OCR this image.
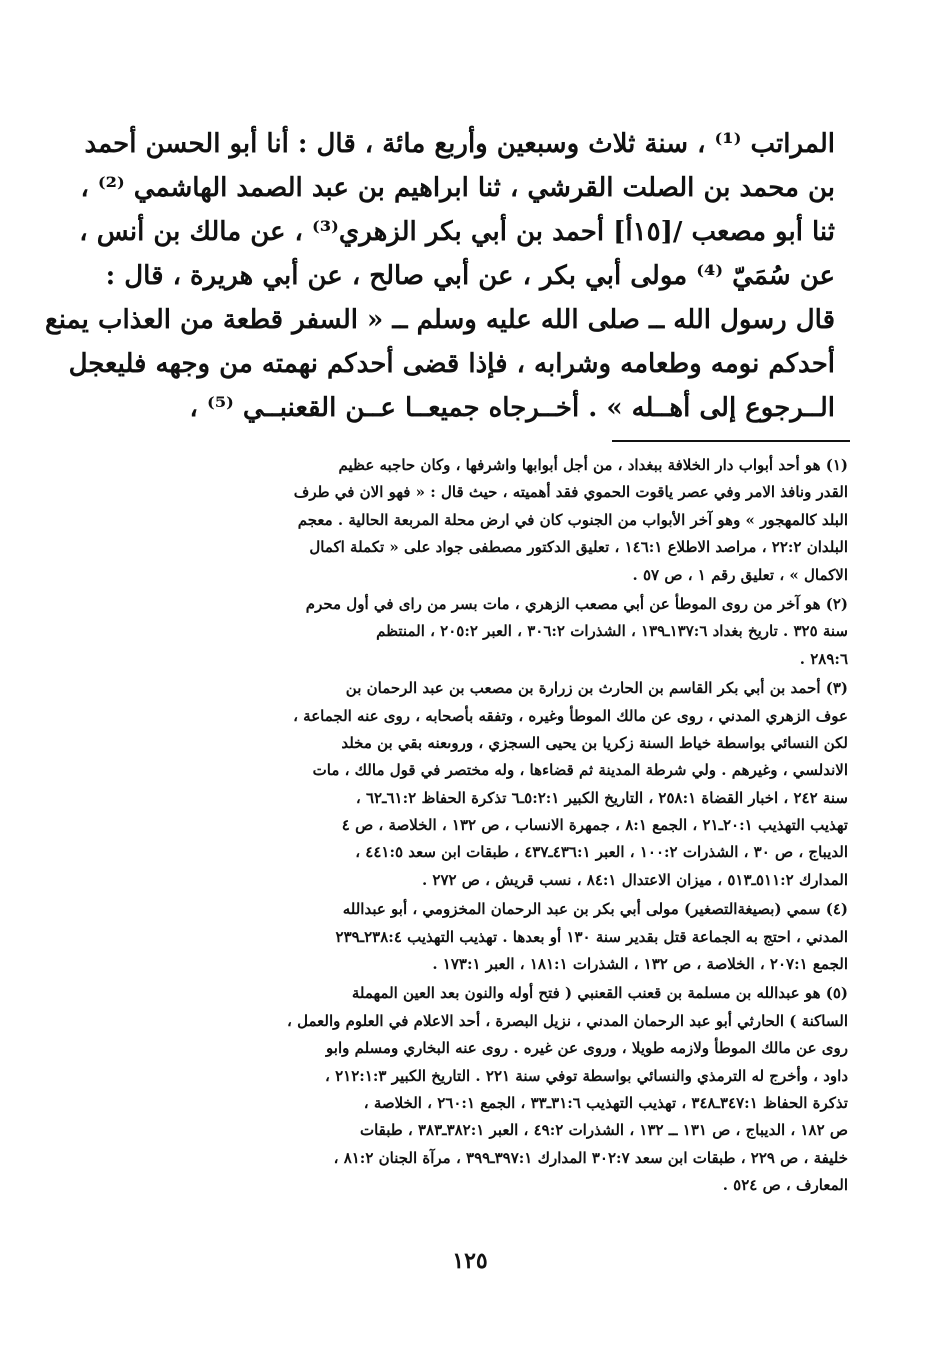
المراتب ⁽¹⁾ ، سنة ثلاث وسبعين وأربع مائة ، قال : أنا أبو الحسن أحمد
بن محمد بن الصلت القرشي ، ثنا ابراهيم بن عبد الصمد الهاشمي ⁽²⁾ ،
ثنا أبو مصعب /[١٥أ] أحمد بن أبي بكر الزهري⁽³⁾ ، عن مالك بن أنس ،
عن سُمَيّ ⁽⁴⁾ مولى أبي بكر ، عن أبي صالح ، عن أبي هريرة ، قال :
قال رسول الله ــ صلى الله عليه وسلم ــ « السفر قطعة من العذاب يمنع
أحدكم نومه وطعامه وشرابه ، فإذا قضى أحدكم نهمته من وجهه فليعجل
الــرجوع إلى أهــله » . أخــرجاه جميعــا عــن القعنبــي ⁽⁵⁾ ،
(١) هو أحد أبواب دار الخلافة ببغداد ، من أجل أبوابها واشرفها ، وكان حاجبه عظيم
القدر ونافذ الامر وفي عصر ياقوت الحموي فقد أهميته ، حيث قال : « فهو الان في طرف
البلد كالمهجور » وهو آخر الأبواب من الجنوب كان في ارض محلة المربعة الحالية . معجم
البلدان ٢٢:٢ ، مراصد الاطلاع ١٤٦:١ ، تعليق الدكتور مصطفى جواد على « تكملة اكمال
الاكمال » ، تعليق رقم ١ ، ص ٥٧ .
(٢) هو آخر من روى الموطأ عن أبي مصعب الزهري ، مات بسر من راى في أول محرم
سنة ٣٢٥ . تاريخ بغداد ١٣٧:٦ـ١٣٩ ، الشذرات ٣٠٦:٢ ، العبر ٢٠٥:٢ ، المنتظم
٢٨٩:٦ .
(٣) أحمد بن أبي بكر القاسم بن الحارث بن زرارة بن مصعب بن عبد الرحمان بن
عوف الزهري المدني ، روى عن مالك الموطأ وغيره ، وتفقه بأصحابه ، روى عنه الجماعة ،
لكن النسائي بواسطة خياط السنة زكريا بن يحيى السجزي ، وروىعنه بقي بن مخلد
الاندلسي ، وغيرهم . ولي شرطة المدينة ثم قضاءها ، وله مختصر في قول مالك ، مات
سنة ٢٤٢ ، اخبار القضاة ٢٥٨:١ ، التاريخ الكبير ٥:٢:١ـ٦ تذكرة الحفاظ ٦١:٢ـ٦٢ ،
تهذيب التهذيب ٢٠:١ـ٢١ ، الجمع ٨:١ ، جمهرة الانساب ، ص ١٣٢ ، الخلاصة ، ص ٤
الديباج ، ص ٣٠ ، الشذرات ١٠٠:٢ ، العبر ٤٣٦:١ـ٤٣٧ ، طبقات ابن سعد ٤٤١:٥ ،
المدارك ٥١١:٢ـ٥١٣ ، ميزان الاعتدال ٨٤:١ ، نسب قريش ، ص ٢٧٢ .
(٤) سمي (بصيغةالتصغير) مولى أبي بكر بن عبد الرحمان المخزومي ، أبو عبدالله
المدني ، احتج به الجماعة قتل بقدير سنة ١٣٠ أو بعدها . تهذيب التهذيب ٢٣٨:٤ـ٢٣٩
الجمع ٢٠٧:١ ، الخلاصة ، ص ١٣٢ ، الشذرات ١٨١:١ ، العبر ١٧٣:١ .
(٥) هو عبدالله بن مسلمة بن قعنب القعنبي ( فتح أوله والنون بعد العين المهملة
الساكنة ) الحارثي أبو عبد الرحمان المدني ، نزيل البصرة ، أحد الاعلام في العلوم والعمل ،
روى عن مالك الموطأ ولازمه طويلا ، وروى عن غيره . روى عنه البخاري ومسلم وابو
داود ، وأخرج له الترمذي والنسائي بواسطة توفي سنة ٢٢١ . التاريخ الكبير ٢١٢:١:٣ ،
تذكرة الحفاظ ٣٤٧:١ـ٣٤٨ ، تهذيب التهذيب ٣١:٦ـ٣٣ ، الجمع ٢٦٠:١ ، الخلاصة ،
ص ١٨٢ ، الديباج ، ص ١٣١ ــ ١٣٢ ، الشذرات ٤٩:٢ ، العبر ٣٨٢:١ـ٣٨٣ ، طبقات
خليفة ، ص ٢٢٩ ، طبقات ابن سعد ٣٠٢:٧ المدارك ٣٩٧:١ـ٣٩٩ ، مرآة الجنان ٨١:٢ ،
المعارف ، ص ٥٢٤ .
١٢٥
